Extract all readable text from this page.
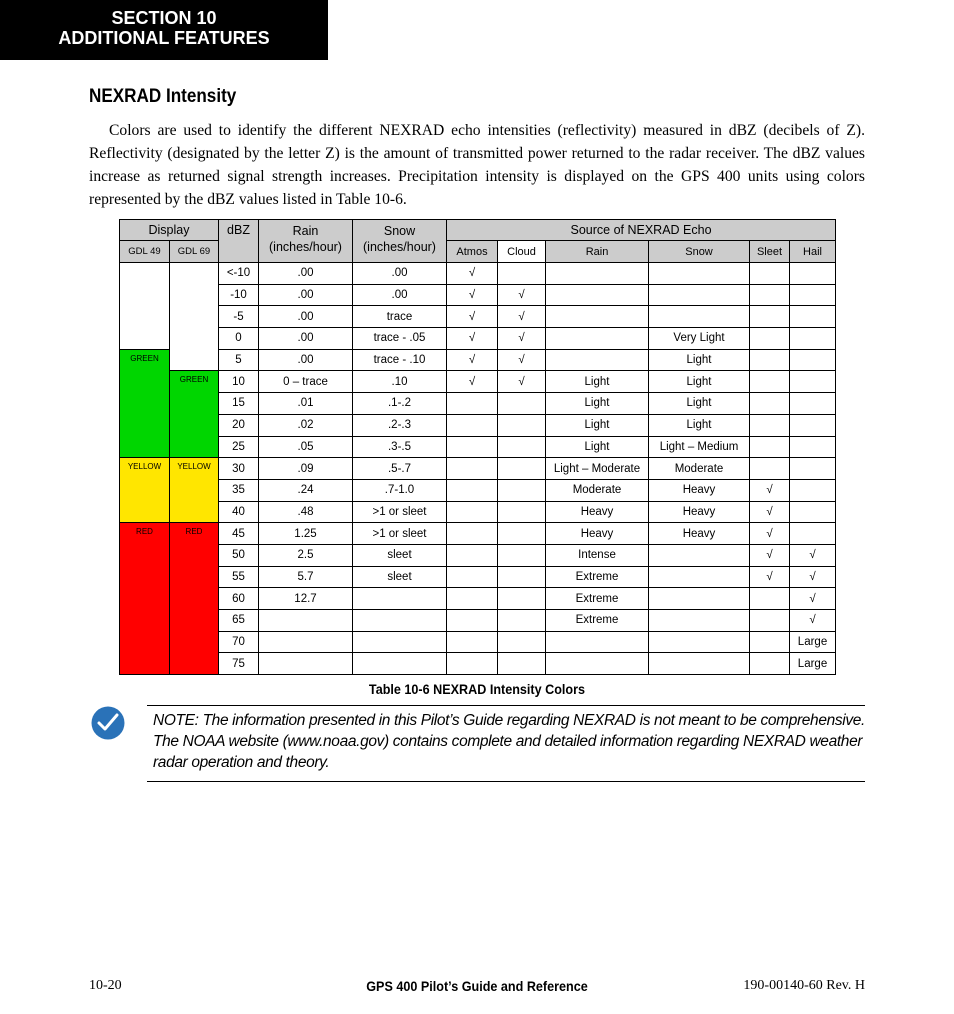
SECTION 10
ADDITIONAL FEATURES
NEXRAD Intensity

Colors are used to identify the different NEXRAD echo intensities (reflectivity) measured in dBZ (decibels of Z). Reflectivity (designated by the letter Z) is the amount of transmitted power returned to the radar receiver. The dBZ values increase as returned signal strength increases. Precipitation intensity is displayed on the GPS 400 units using colors represented by the dBZ values listed in Table 10-6.

Display		dBZ	Rain (inches/hour)	Snow (inches/hour)	Source of NEXRAD Echo					
GDL 49	GDL 69				Atmos	Cloud	Rain	Snow	Sleet	Hail
		<-10	.00	.00	√					
		-10	.00	.00	√	√				
		-5	.00	trace	√	√				
		0	.00	trace - .05	√	√		Very Light		
GREEN		5	.00	trace - .10	√	√		Light		
	GREEN	10	0 – trace	.10	√	√	Light	Light		
		15	.01	.1-.2			Light	Light		
		20	.02	.2-.3			Light	Light		
		25	.05	.3-.5			Light	Light – Medium		
YELLOW	YELLOW	30	.09	.5-.7			Light – Moderate	Moderate		
		35	.24	.7-1.0			Moderate	Heavy	√	
		40	.48	>1 or sleet			Heavy	Heavy	√	
RED	RED	45	1.25	>1 or sleet			Heavy	Heavy	√	
		50	2.5	sleet			Intense		√	√
		55	5.7	sleet			Extreme		√	√
		60	12.7				Extreme			√
		65					Extreme			√
		70								Large
		75								Large
Table 10-6 NEXRAD Intensity Colors

NOTE: The information presented in this Pilot’s Guide regarding NEXRAD is not meant to be comprehensive. The NOAA website (www.noaa.gov) contains complete and detailed information regarding NEXRAD weather radar operation and theory.

10-20	GPS 400 Pilot’s Guide and Reference	190-00140-60 Rev. H
